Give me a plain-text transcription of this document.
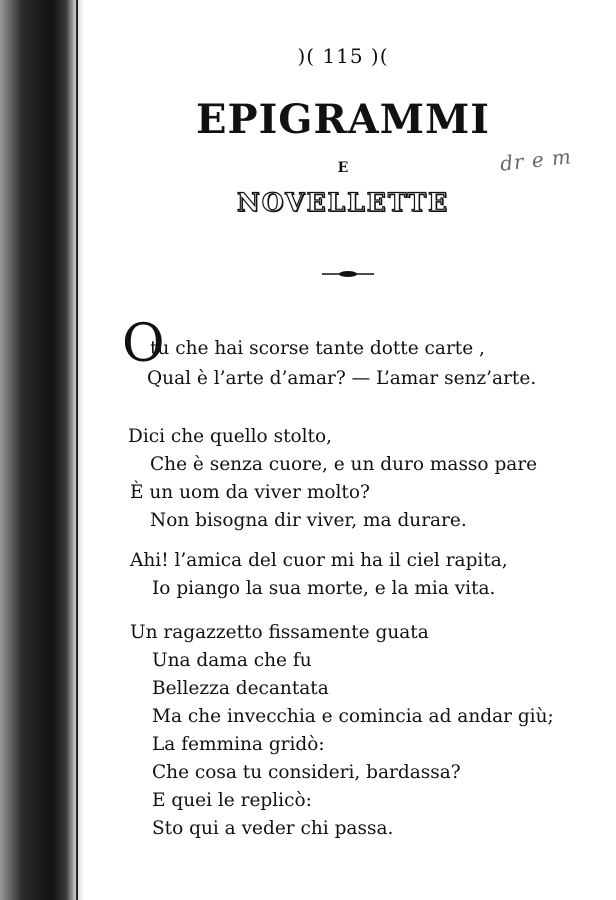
)( 115 )(
EPIGRAMMI
E
NOVELLETTE
dr e m
O
tu che hai scorse tante dotte carte ,
Qual è l’arte d’amar? — L’amar senz’arte.
Dici che quello stolto,
Che è senza cuore, e un duro masso pare
È un uom da viver molto?
Non bisogna dir viver, ma durare.
Ahi! l’amica del cuor mi ha il ciel rapita,
Io piango la sua morte, e la mia vita.
Un ragazzetto fissamente guata
Una dama che fu
Bellezza decantata
Ma che invecchia e comincia ad andar giù;
La femmina gridò:
Che cosa tu consideri, bardassa?
E quei le replicò:
Sto qui a veder chi passa.
